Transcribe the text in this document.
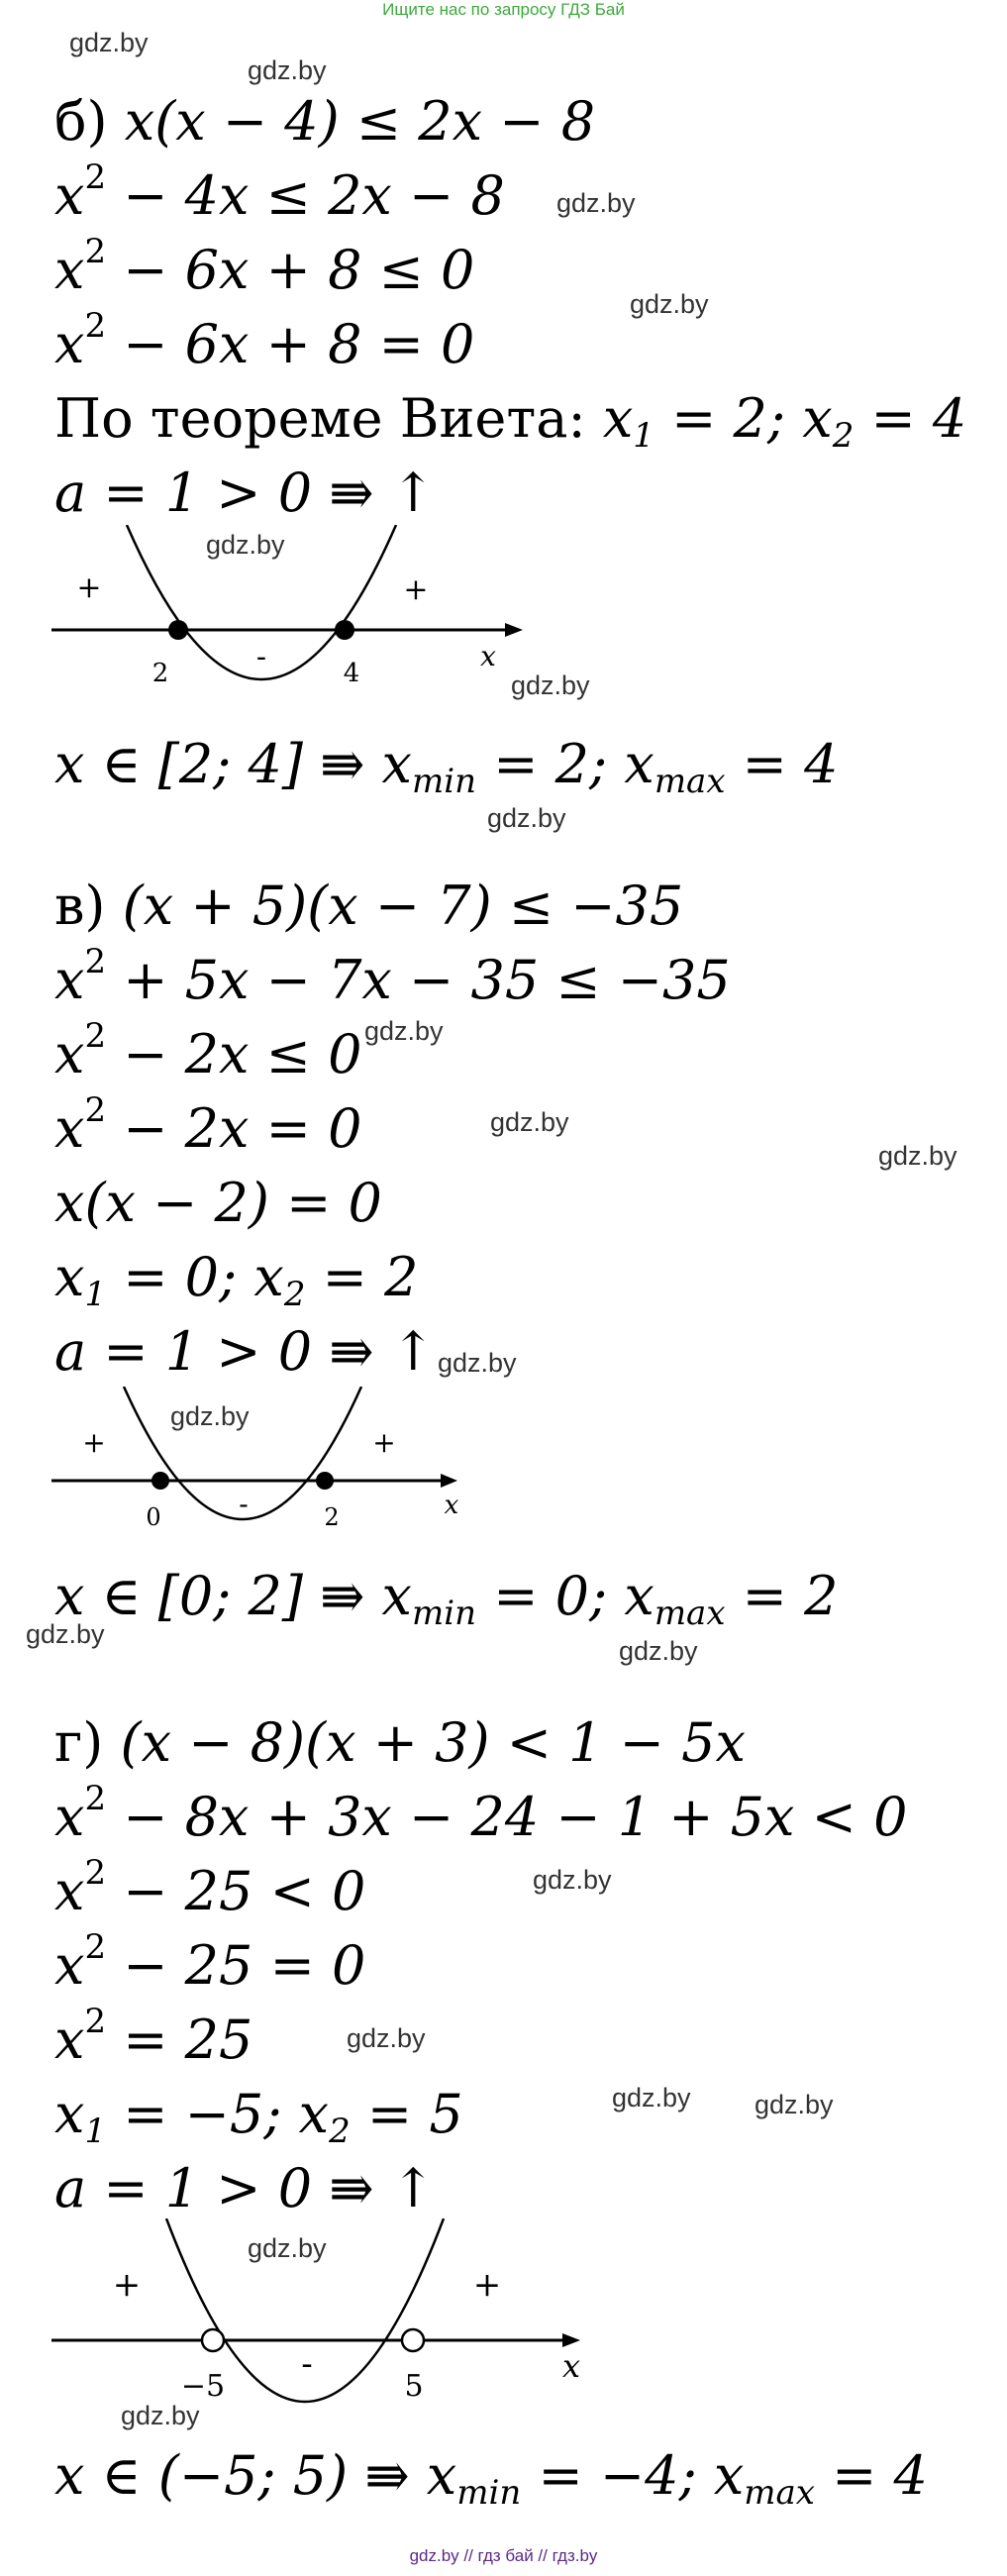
Ищите нас по запросу ГДЗ Бай
gdz.by
gdz.by
gdz.by
gdz.by
gdz.by
gdz.by
gdz.by
gdz.by
gdz.by
gdz.by
gdz.by
gdz.by
gdz.by
gdz.by
gdz.by
gdz.by
gdz.by gdz.by
gdz.by
gdz.by
б) x(x − 4) ≤ 2x − 8
$x^2 - 4x \le 2x - 8$
$x^2 - 6x + 8 \le 0$
$x^2 - 6x + 8 = 0$
По теореме Виета: $x_1 = 2$; $x_2 = 4$
a = 1 > 0 ⇛ ↑
+
-
+
2	4
x
x ∈ [2; 4] ⇛ $x_{min} = 2$; $x_{max} = 4$
в) (x + 5)(x − 7) ≤ −35
$x^2 + 5x - 7x - 35 \le -35$
$x^2 - 2x \le 0$
$x^2 - 2x = 0$
x(x − 2) = 0
$x_1 = 0$; $x_2 = 2$
a = 1 > 0 ⇛ ↑
+
-
+
0	2	x
x ∈ [0; 2] ⇛ $x_{min} = 0$; $x_{max} = 2$
г) (x − 8)(x + 3) < 1 − 5x
$x^2 - 8x + 3x - 24 - 1 + 5x < 0$
$x^2 - 25 < 0$
$x^2 - 25 = 0$
$x^2 = 25$
$x_1 = -5$; $x_2 = 5$
a = 1 > 0 ⇛ ↑
+
-
+
−5	5
x
x ∈ (−5; 5) ⇛ $x_{min} = -4$; $x_{max} = 4$
gdz.by // гдз бай // гдз.by
